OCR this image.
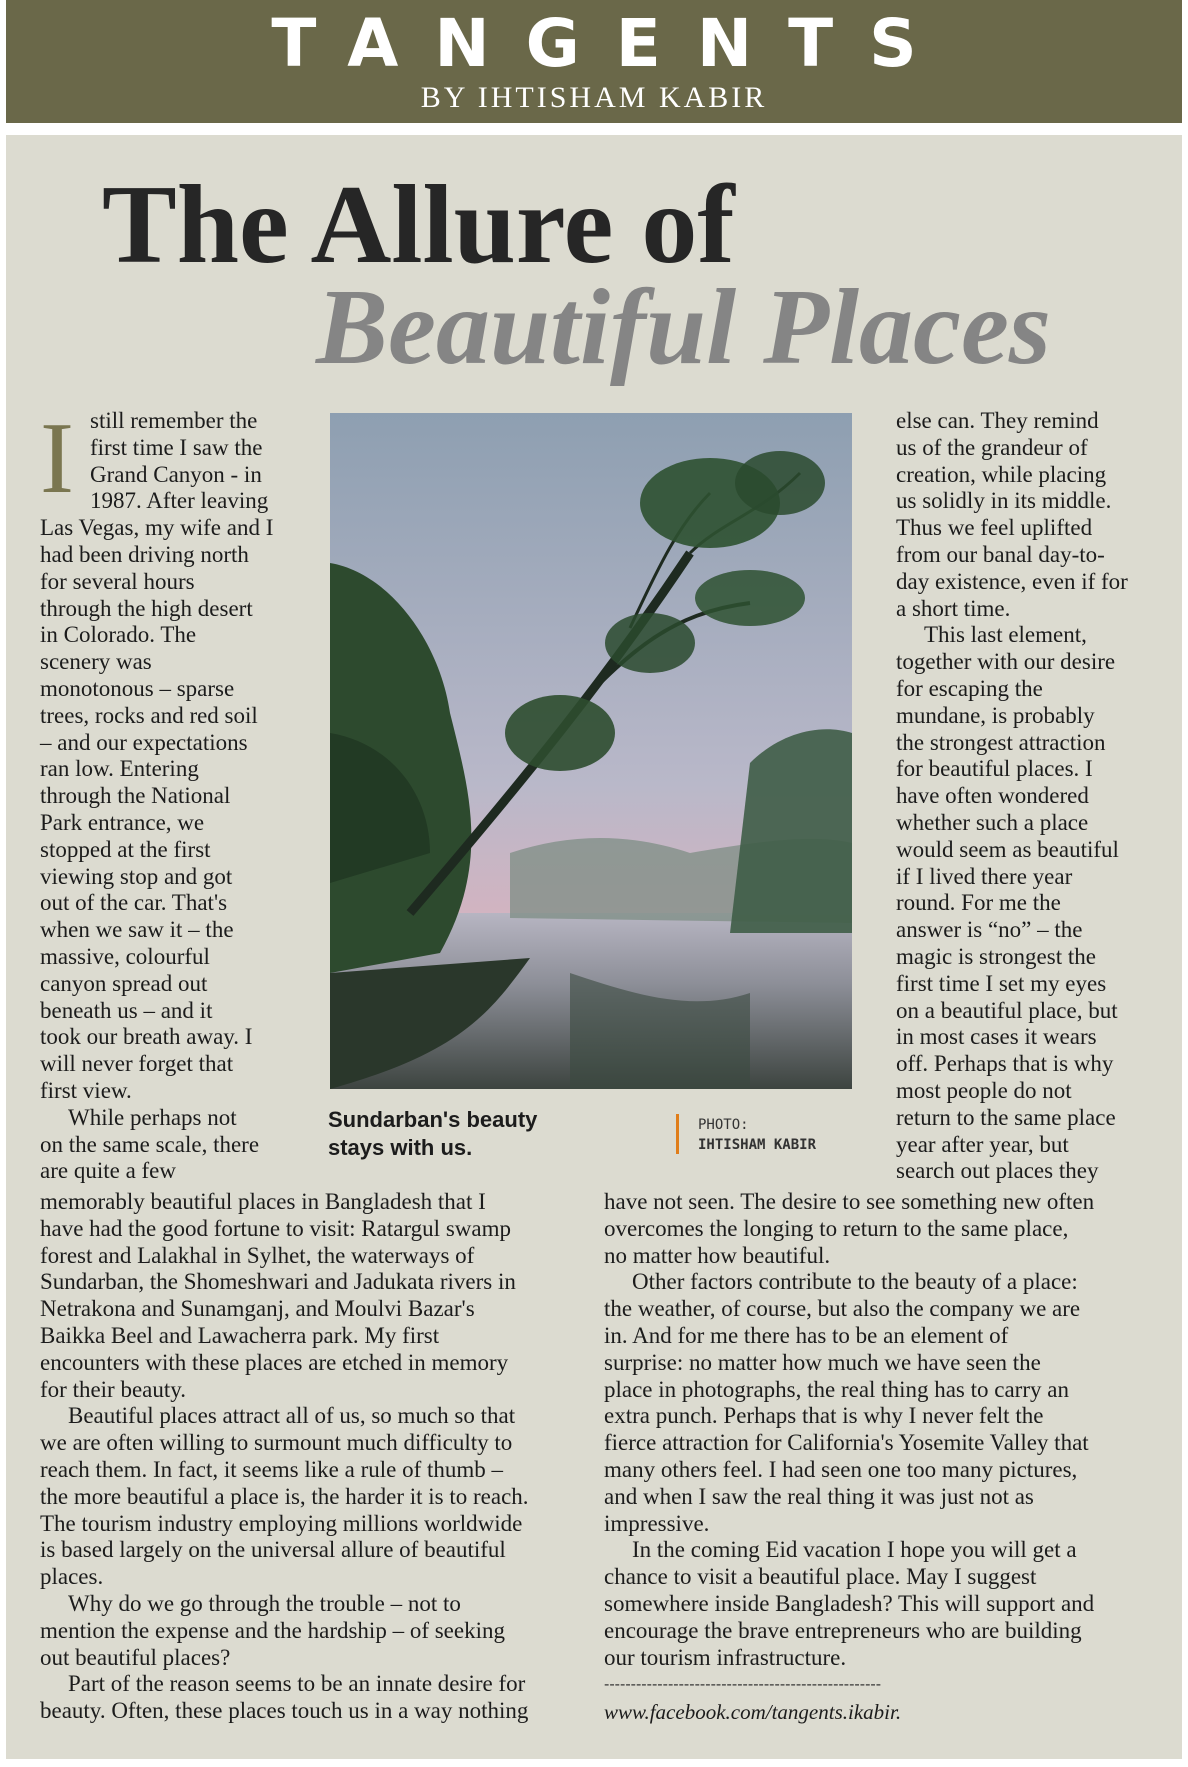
TANGENTS
BY IHTISHAM KABIR
The Allure of
Beautiful Places
I still remember the
first time I saw the
Grand Canyon - in
1987. After leaving
Las Vegas, my wife and I
had been driving north
for several hours
through the high desert
in Colorado. The
scenery was
monotonous – sparse
trees, rocks and red soil
– and our expectations
ran low. Entering
through the National
Park entrance, we
stopped at the first
viewing stop and got
out of the car. That's
when we saw it – the
massive, colourful
canyon spread out
beneath us – and it
took our breath away. I
will never forget that
first view.
While perhaps not
on the same scale, there
are quite a few
memorably beautiful places in Bangladesh that I
have had the good fortune to visit: Ratargul swamp
forest and Lalakhal in Sylhet, the waterways of
Sundarban, the Shomeshwari and Jadukata rivers in
Netrakona and Sunamganj, and Moulvi Bazar's
Baikka Beel and Lawacherra park. My first
encounters with these places are etched in memory
for their beauty.
Beautiful places attract all of us, so much so that
we are often willing to surmount much difficulty to
reach them. In fact, it seems like a rule of thumb –
the more beautiful a place is, the harder it is to reach.
The tourism industry employing millions worldwide
is based largely on the universal allure of beautiful
places.
Why do we go through the trouble – not to
mention the expense and the hardship – of seeking
out beautiful places?
Part of the reason seems to be an innate desire for
beauty. Often, these places touch us in a way nothing
else can. They remind
us of the grandeur of
creation, while placing
us solidly in its middle.
Thus we feel uplifted
from our banal day-to-
day existence, even if for
a short time.
This last element,
together with our desire
for escaping the
mundane, is probably
the strongest attraction
for beautiful places. I
have often wondered
whether such a place
would seem as beautiful
if I lived there year
round. For me the
answer is “no” – the
magic is strongest the
first time I set my eyes
on a beautiful place, but
in most cases it wears
off. Perhaps that is why
most people do not
return to the same place
year after year, but
search out places they
have not seen. The desire to see something new often
overcomes the longing to return to the same place,
no matter how beautiful.
Other factors contribute to the beauty of a place:
the weather, of course, but also the company we are
in. And for me there has to be an element of
surprise: no matter how much we have seen the
place in photographs, the real thing has to carry an
extra punch. Perhaps that is why I never felt the
fierce attraction for California's Yosemite Valley that
many others feel. I had seen one too many pictures,
and when I saw the real thing it was just not as
impressive.
In the coming Eid vacation I hope you will get a
chance to visit a beautiful place. May I suggest
somewhere inside Bangladesh? This will support and
encourage the brave entrepreneurs who are building
our tourism infrastructure.
Sundarban's beauty
stays with us.
PHOTO:
IHTISHAM KABIR
----------------------------------------------------
www.facebook.com/tangents.ikabir.
